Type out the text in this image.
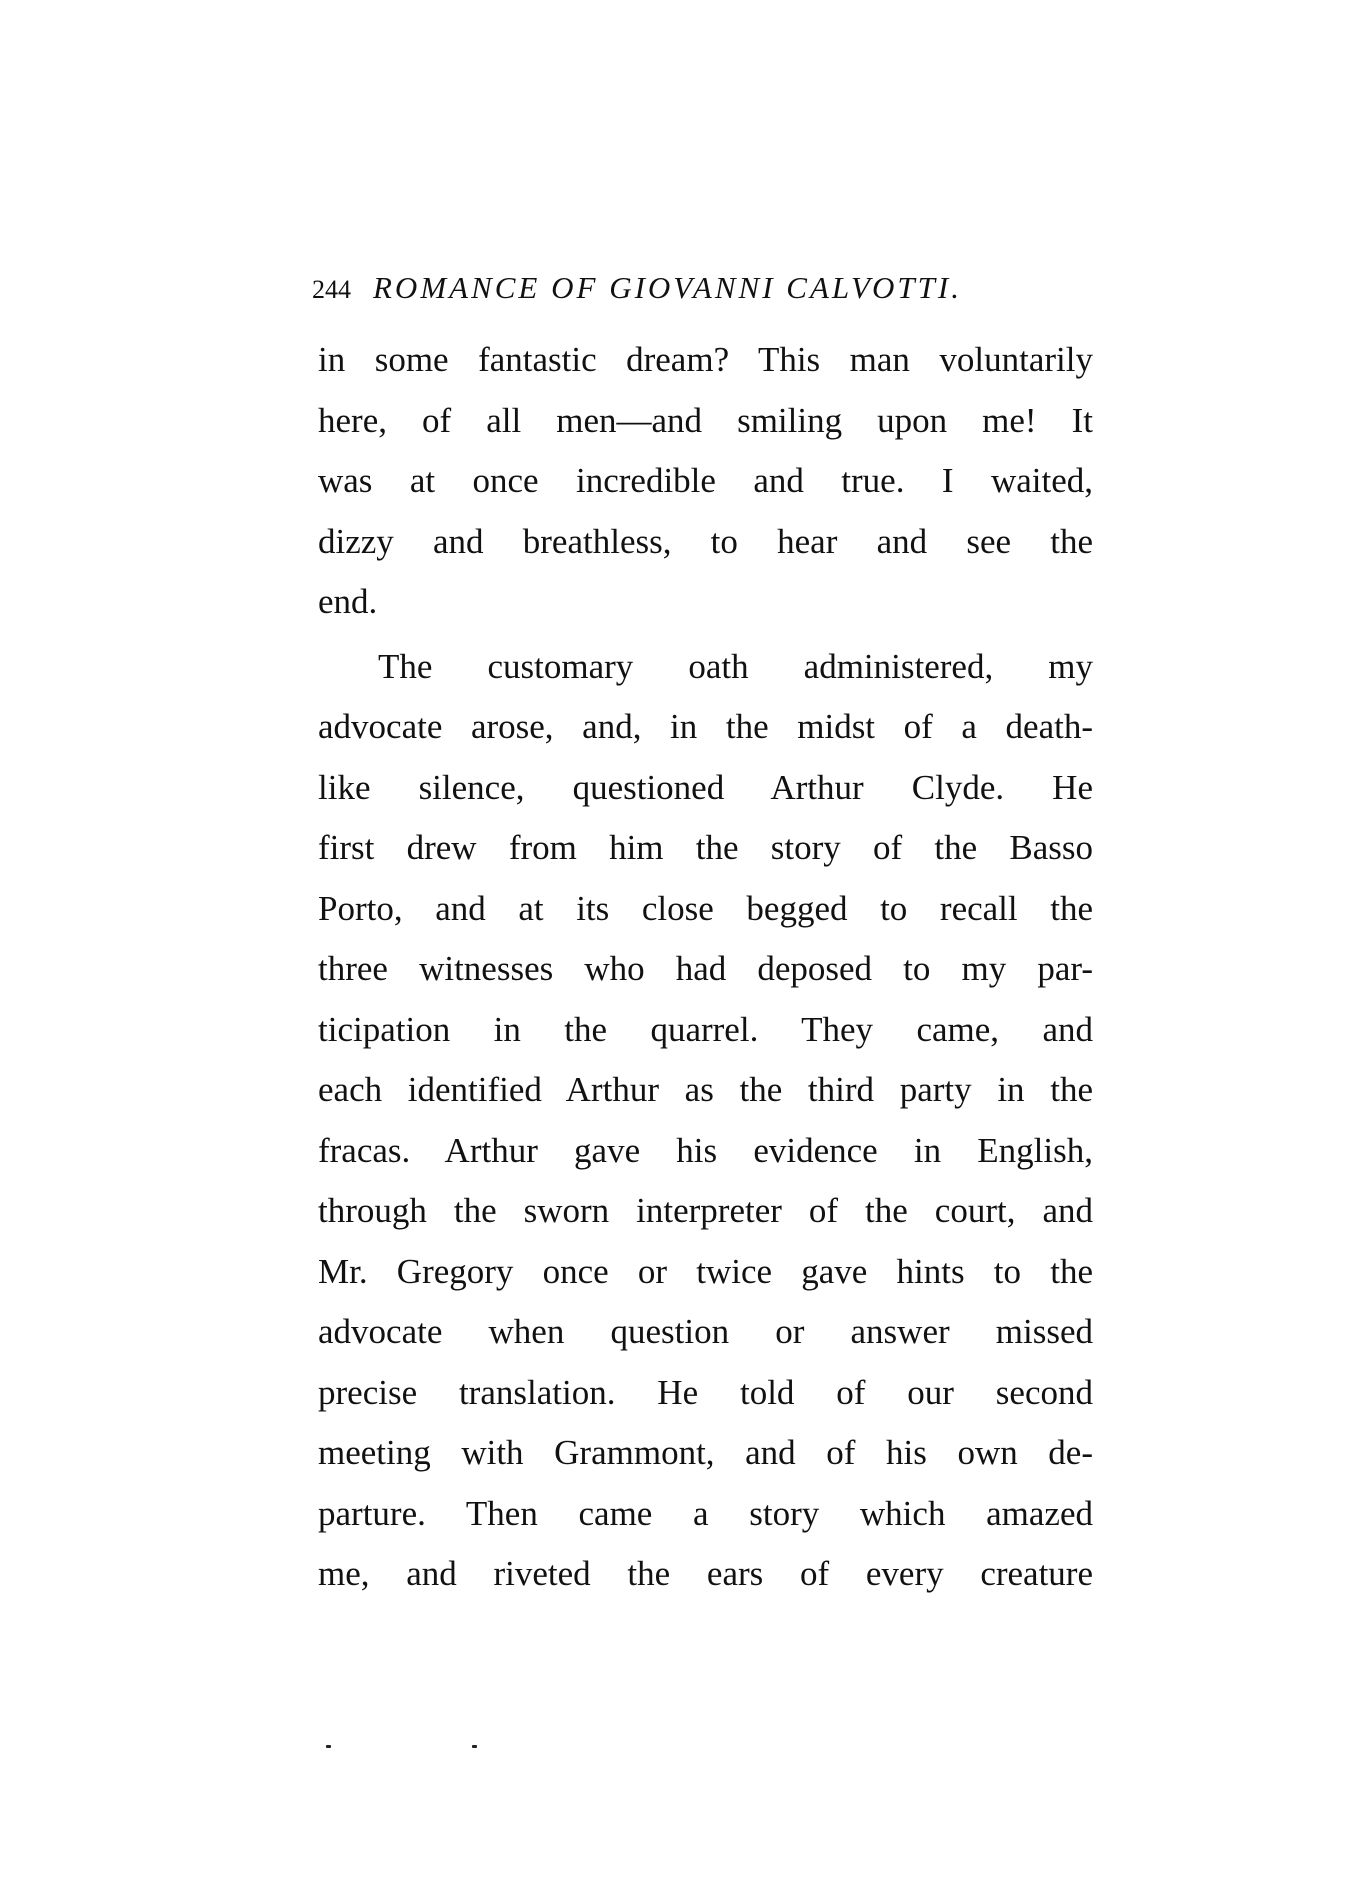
244 ROMANCE OF GIOVANNI CALVOTTI.
in some fantastic dream? This man voluntarily
here, of all men—and smiling upon me! It
was at once incredible and true. I waited,
dizzy and breathless, to hear and see the
end.
The customary oath administered, my
advocate arose, and, in the midst of a death-
like silence, questioned Arthur Clyde. He
first drew from him the story of the Basso
Porto, and at its close begged to recall the
three witnesses who had deposed to my par-
ticipation in the quarrel. They came, and
each identified Arthur as the third party in the
fracas. Arthur gave his evidence in English,
through the sworn interpreter of the court, and
Mr. Gregory once or twice gave hints to the
advocate when question or answer missed
precise translation. He told of our second
meeting with Grammont, and of his own de-
parture. Then came a story which amazed
me, and riveted the ears of every creature
